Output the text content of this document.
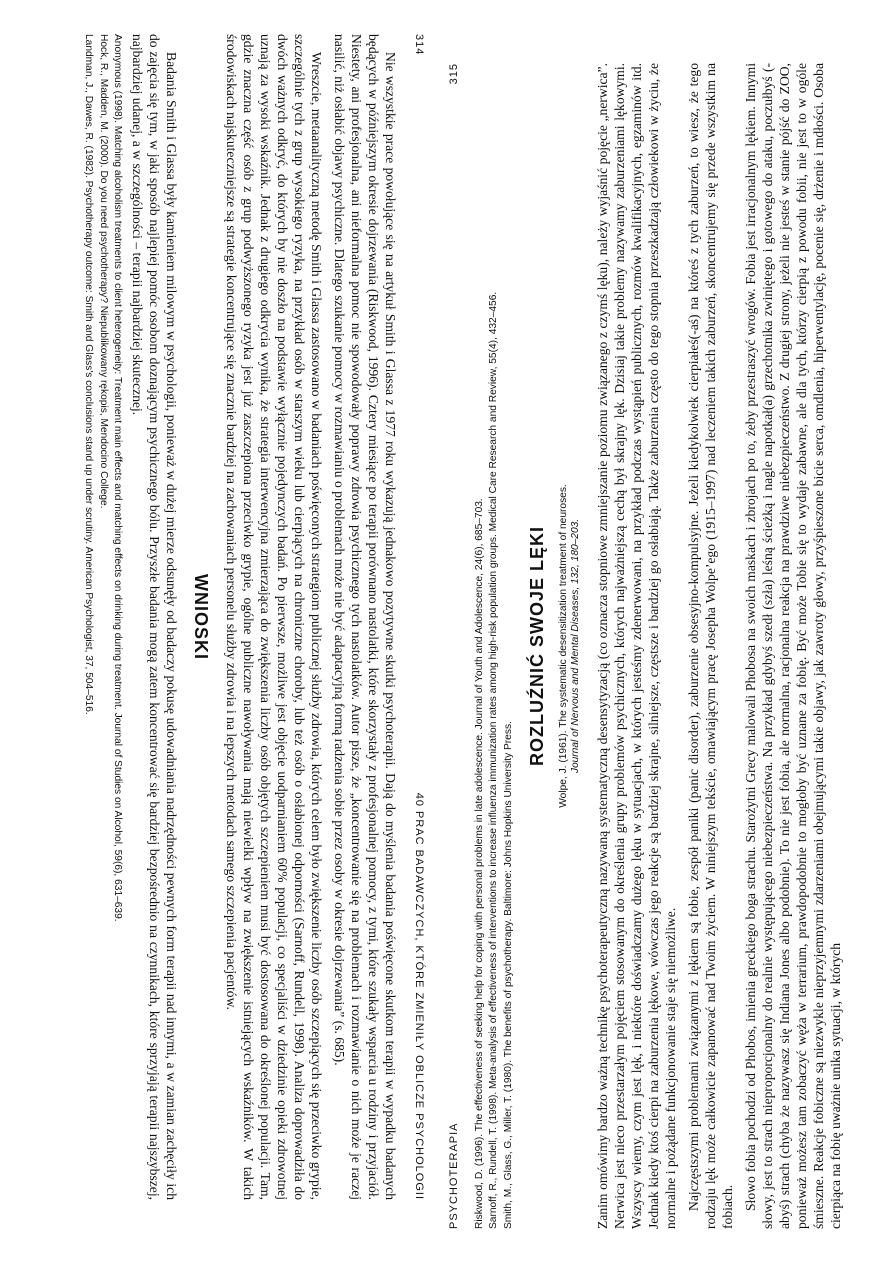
314
40 PRAC BADAWCZYCH, KTÓRE ZMIENIŁY OBLICZE PSYCHOLOGII

Nie wszystkie prace powołujące się na artykuł Smith i Glassa z 1977 roku wykazują jednakowo pozytywne skutki psychoterapii. Dają do myślenia badania poświęcone skutkom terapii w wypadku badanych będących w późniejszym okresie dojrzewania (Riskwood, 1996). Cztery miesiące po terapii porównano nastolatki, które skorzystały z profesjonalnej pomocy, z tymi, które szukały wsparcia u rodziny i przyjaciół. Niestety, ani profesjonalna, ani nieformalna pomoc nie spowodowały poprawy zdrowia psychicznego tych nastolatków. Autor pisze, że „koncentrowanie się na problemach i rozmawianie o nich może je raczej nasilić, niż osłabić objawy psychiczne. Dlatego szukanie pomocy w rozmawianiu o problemach może nie być adaptacyjną formą radzenia sobie przez osoby w okresie dojrzewania” (s. 685).

Wreszcie, metaanalityczną metodę Smith i Glassa zastosowano w badaniach poświęconych strategiom publicznej służby zdrowia, których celem było zwiększenie liczby osób szczepiących się przeciwko grypie, szczególnie tych z grup wysokiego ryzyka, na przykład osób w starszym wieku lub cierpiących na chroniczne choroby, lub też osób o osłabionej odporności (Sarnoff, Rundell, 1998). Analiza doprowadziła do dwóch ważnych odkryć, do których by nie doszło na podstawie wyłącznie pojedynczych badań. Po pierwsze, możliwe jest objęcie uodparnianiem 60% populacji, co specjaliści w dziedzinie opieki zdrowotnej uznają za wysoki wskaźnik. Jednak z drugiego odkrycia wynika, że strategia interwencyjna zmierzająca do zwiększenia liczby osób objętych szczepieniem musi być dostosowana do określonej populacji. Tam, gdzie znaczna część osób z grup podwyższonego ryzyka jest już zaszczepiona przeciwko grypie, ogólne publiczne nawoływania mają niewielki wpływ na zwiększenie istniejących wskaźników. W takich środowiskach najskuteczniejsze są strategie koncentrujące się znacznie bardziej na zachowaniach personelu służby zdrowia i na lepszych metodach samego szczepienia pacjentów.

WNIOSKI

Badania Smith i Glassa były kamieniem milowym w psychologii, ponieważ w dużej mierze odsunęły od badaczy pokusę udowadniania nadrzędności pewnych form terapii nad innymi, a w zamian zachęciły ich do zajęcia się tym, w jaki sposób najlepiej pomóc osobom doznającym psychicznego bólu. Przyszłe badania mogą zatem koncentrować się bardziej bezpośrednio na czynnikach, które sprzyjają terapii najszybszej, najbardziej udanej, a w szczególności – terapii najbardziej skutecznej.

Anonymous (1998). Matching alcoholism treatments to client heterogeneity: Treatment main effects and matching effects on drinking during treatment. Journal of Studies on Alcohol, 59(6), 631–639.
Hock, R., Madden, M. (2000). Do you need psychotherapy? Niepublikowany rękopis, Mendocino College.
Landman, J., Dawes, R. (1982). Psychotherapy outcome: Smith and Glass's conclusions stand up under scrutiny. American Psychologist, 37, 504–516.
PSYCHOTERAPIA
315
Riskwood, D. (1996). The effectiveness of seeking help for coping with personal problems in late adolescence. Journal of Youth and Adolescence, 24(6), 685–703. Sarnoff, R., Rundell, T. (1998). Meta-analysis of effectiveness of interventions to increase influenza immunization rates among high-risk population groups. Medical Care Research and Review, 55(4), 432–456. Smith, M., Glass, G., Miller, T. (1980). The benefits of psychotherapy. Baltimore: Johns Hopkins University Press.
ROZLUŹNIĆ SWOJE LĘKI Wolpe, J. (1961). The systematic desensitization treatment of neuroses. Journal of Nervous and Mental Diseases, 132, 180–203. Zanim omówimy bardzo ważną technikę psychoterapeutyczną nazywaną systematyczną desensytyzacją (co oznacza stopniowe zmniejszanie poziomu związanego z czymś lęku), należy wyjaśnić pojęcie „nerwica”. Nerwica jest nieco przestarzałym pojęciem stosowanym do określenia grupy problemów psychicznych, których najważniejszą cechą był skrajny lęk. Dzisiaj takie problemy nazywamy zaburzeniami lękowymi. Wszyscy wiemy, czym jest lęk, i niektóre doświadczamy dużego lęku w sytuacjach, w których jesteśmy zdenerwowani, na przykład podczas wystąpień publicznych, rozmów kwalifikacyjnych, egzaminów itd. Jednak kiedy ktoś cierpi na zaburzenia lękowe, wówczas jego reakcje są bardziej skrajne, silniejsze, częstsze i bardziej go osłabiają. Także zaburzenia często do tego stopnia przeszkadzają człowiekowi w życiu, że normalne i pożądane funkcjonowanie staje się niemożliwe. Najczęstszymi problemami związanymi z lękiem są fobie, zespół paniki (panic disorder), zaburzenie obsesyjno-kompulsyjne. Jeżeli kiedykolwiek cierpiałeś(-aś) na któreś z tych zaburzeń, to wiesz, że tego rodzaju lęk może całkowicie zapanować nad Twoim życiem. W niniejszym tekście, omawiającym pracę Josepha Wolpe’ego (1915–1997) nad leczeniem takich zaburzeń, skoncentrujemy się przede wszystkim na fobiach. Słowo fobia pochodzi od Phobos, imienia greckiego boga strachu. Starożytni Grecy malowali Phobosa na swoich maskach i zbrojach po to, żeby przestraszyć wrogów. Fobia jest irracjonalnym lękiem. Innymi słowy, jest to strach nieproporcjonalny do realnie występującego niebezpieczeństwa. Na przykład gdybyś szedł (szła) leśną ścieżką i nagle napotkał(a) grzechotnika zwiniętego i gotowego do ataku, poczułbyś (-abyś) strach (chyba że nazywasz się Indiana Jones albo podobnie). To nie jest fobia, ale normalna, racjonalna reakcja na prawdziwe niebezpieczeństwo. Z drugiej strony, jeżeli nie jesteś w stanie pójść do ZOO, ponieważ możesz tam zobaczyć węża w terrarium, prawdopodobnie to mogłoby być uznane za fobię. Być może Tobie się to wydaje zabawne, ale dla tych, którzy cierpią z powodu fobii, nie jest to w ogóle śmieszne. Reakcje fobiczne są niezwykle nieprzyjemnymi zdarzeniami obejmującymi takie objawy, jak zawroty głowy, przyśpieszone bicie serca, omdlenia, hiperwentylację, pocenie się, drżenie i mdłości. Osoba cierpiąca na fobię uważnie unika sytuacji, w których
